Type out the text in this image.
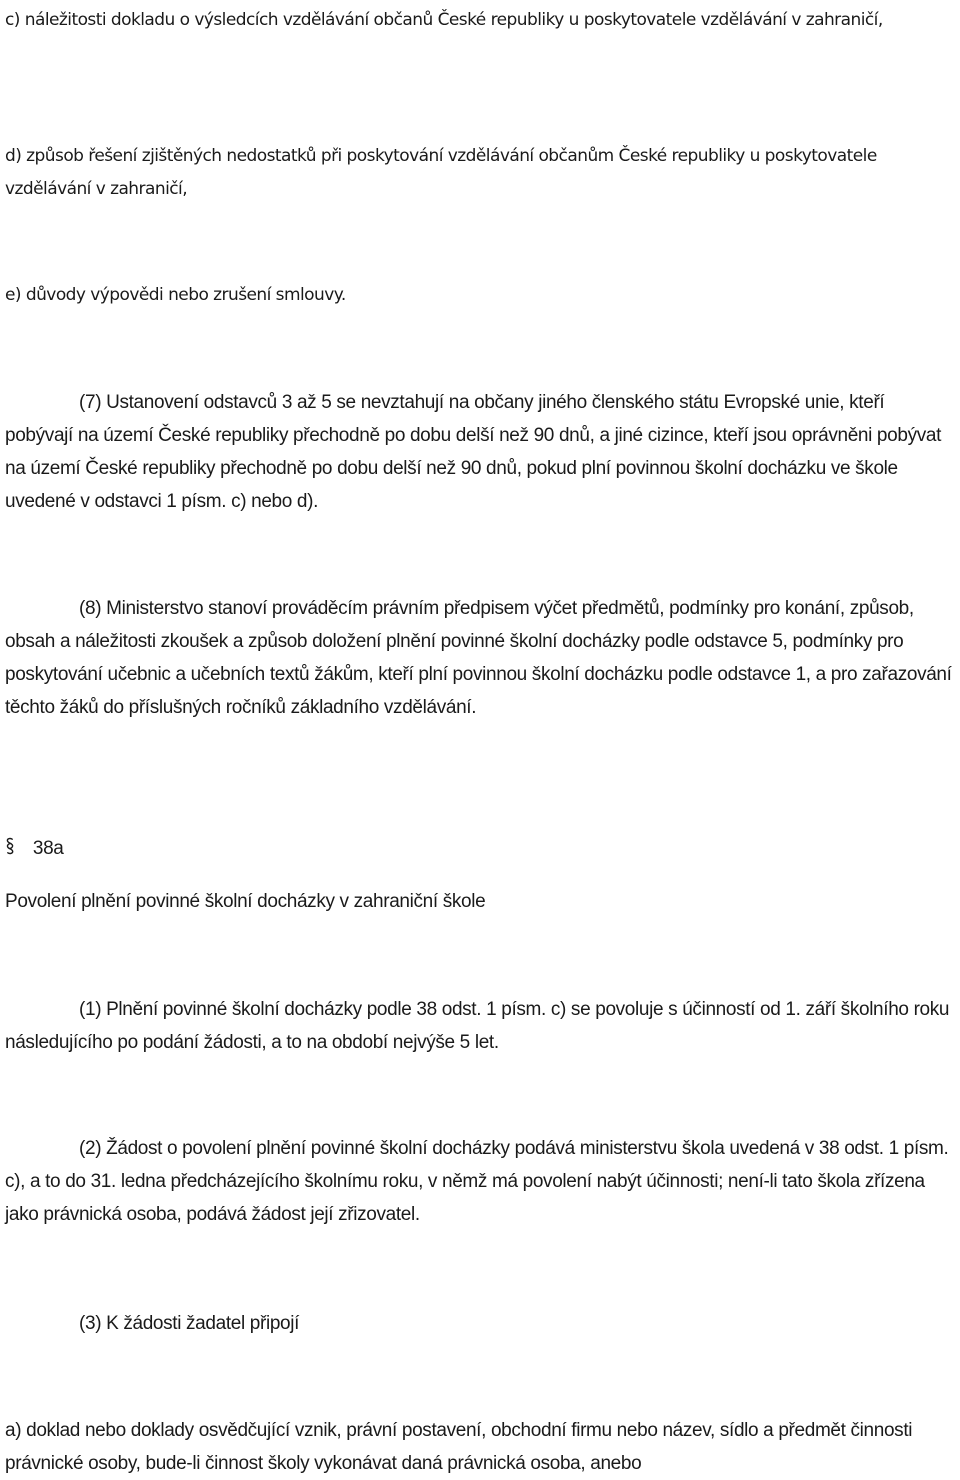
c) náležitosti dokladu o výsledcích vzdělávání občanů České republiky u poskytovatele vzdělávání v zahraničí,

d) způsob řešení zjištěných nedostatků při poskytování vzdělávání občanům České republiky u poskytovatele vzdělávání v zahraničí,

e) důvody výpovědi nebo zrušení smlouvy.

(7) Ustanovení odstavců 3 až 5 se nevztahují na občany jiného členského státu Evropské unie, kteří pobývají na území České republiky přechodně po dobu delší než 90 dnů, a jiné cizince, kteří jsou oprávněni pobývat na území České republiky přechodně po dobu delší než 90 dnů, pokud plní povinnou školní docházku ve škole uvedené v odstavci 1 písm. c) nebo d).

(8) Ministerstvo stanoví prováděcím právním předpisem výčet předmětů, podmínky pro konání, způsob, obsah a náležitosti zkoušek a způsob doložení plnění povinné školní docházky podle odstavce 5, podmínky pro poskytování učebnic a učebních textů žákům, kteří plní povinnou školní docházku podle odstavce 1, a pro zařazování těchto žáků do příslušných ročníků základního vzdělávání.

38a

Povolení plnění povinné školní docházky v zahraniční škole

(1) Plnění povinné školní docházky podle 38 odst. 1 písm. c) se povoluje s účinností od 1. září školního roku následujícího po podání žádosti, a to na období nejvýše 5 let.

(2) Žádost o povolení plnění povinné školní docházky podává ministerstvu škola uvedená v 38 odst. 1 písm. c), a to do 31. ledna předcházejícího školnímu roku, v němž má povolení nabýt účinnosti; není-li tato škola zřízena jako právnická osoba, podává žádost její zřizovatel.

(3) K žádosti žadatel připojí

a) doklad nebo doklady osvědčující vznik, právní postavení, obchodní firmu nebo název, sídlo a předmět činnosti právnické osoby, bude-li činnost školy vykonávat daná právnická osoba, anebo
